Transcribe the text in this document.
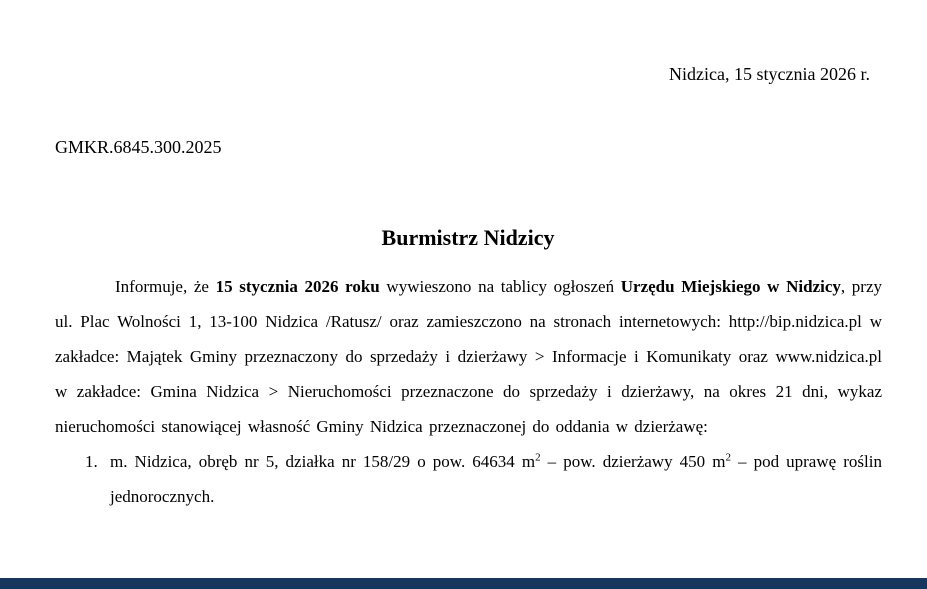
Nidzica, 15 stycznia 2026 r.
GMKR.6845.300.2025
Burmistrz Nidzicy

Informuje, że 15 stycznia 2026 roku wywieszono na tablicy ogłoszeń Urzędu Miejskiego w Nidzicy, przy ul. Plac Wolności 1, 13-100 Nidzica /Ratusz/ oraz zamieszczono na stronach internetowych: http://bip.nidzica.pl w zakładce: Majątek Gminy przeznaczony do sprzedaży i dzierżawy > Informacje i Komunikaty oraz www.nidzica.pl w zakładce: Gmina Nidzica > Nieruchomości przeznaczone do sprzedaży i dzierżawy, na okres 21 dni, wykaz nieruchomości stanowiącej własność Gminy Nidzica przeznaczonej do oddania w dzierżawę:

1. m. Nidzica, obręb nr 5, działka nr 158/29 o pow. 64634 $m^2$ – pow. dzierżawy 450 $m^2$ – pod uprawę roślin jednorocznych.
